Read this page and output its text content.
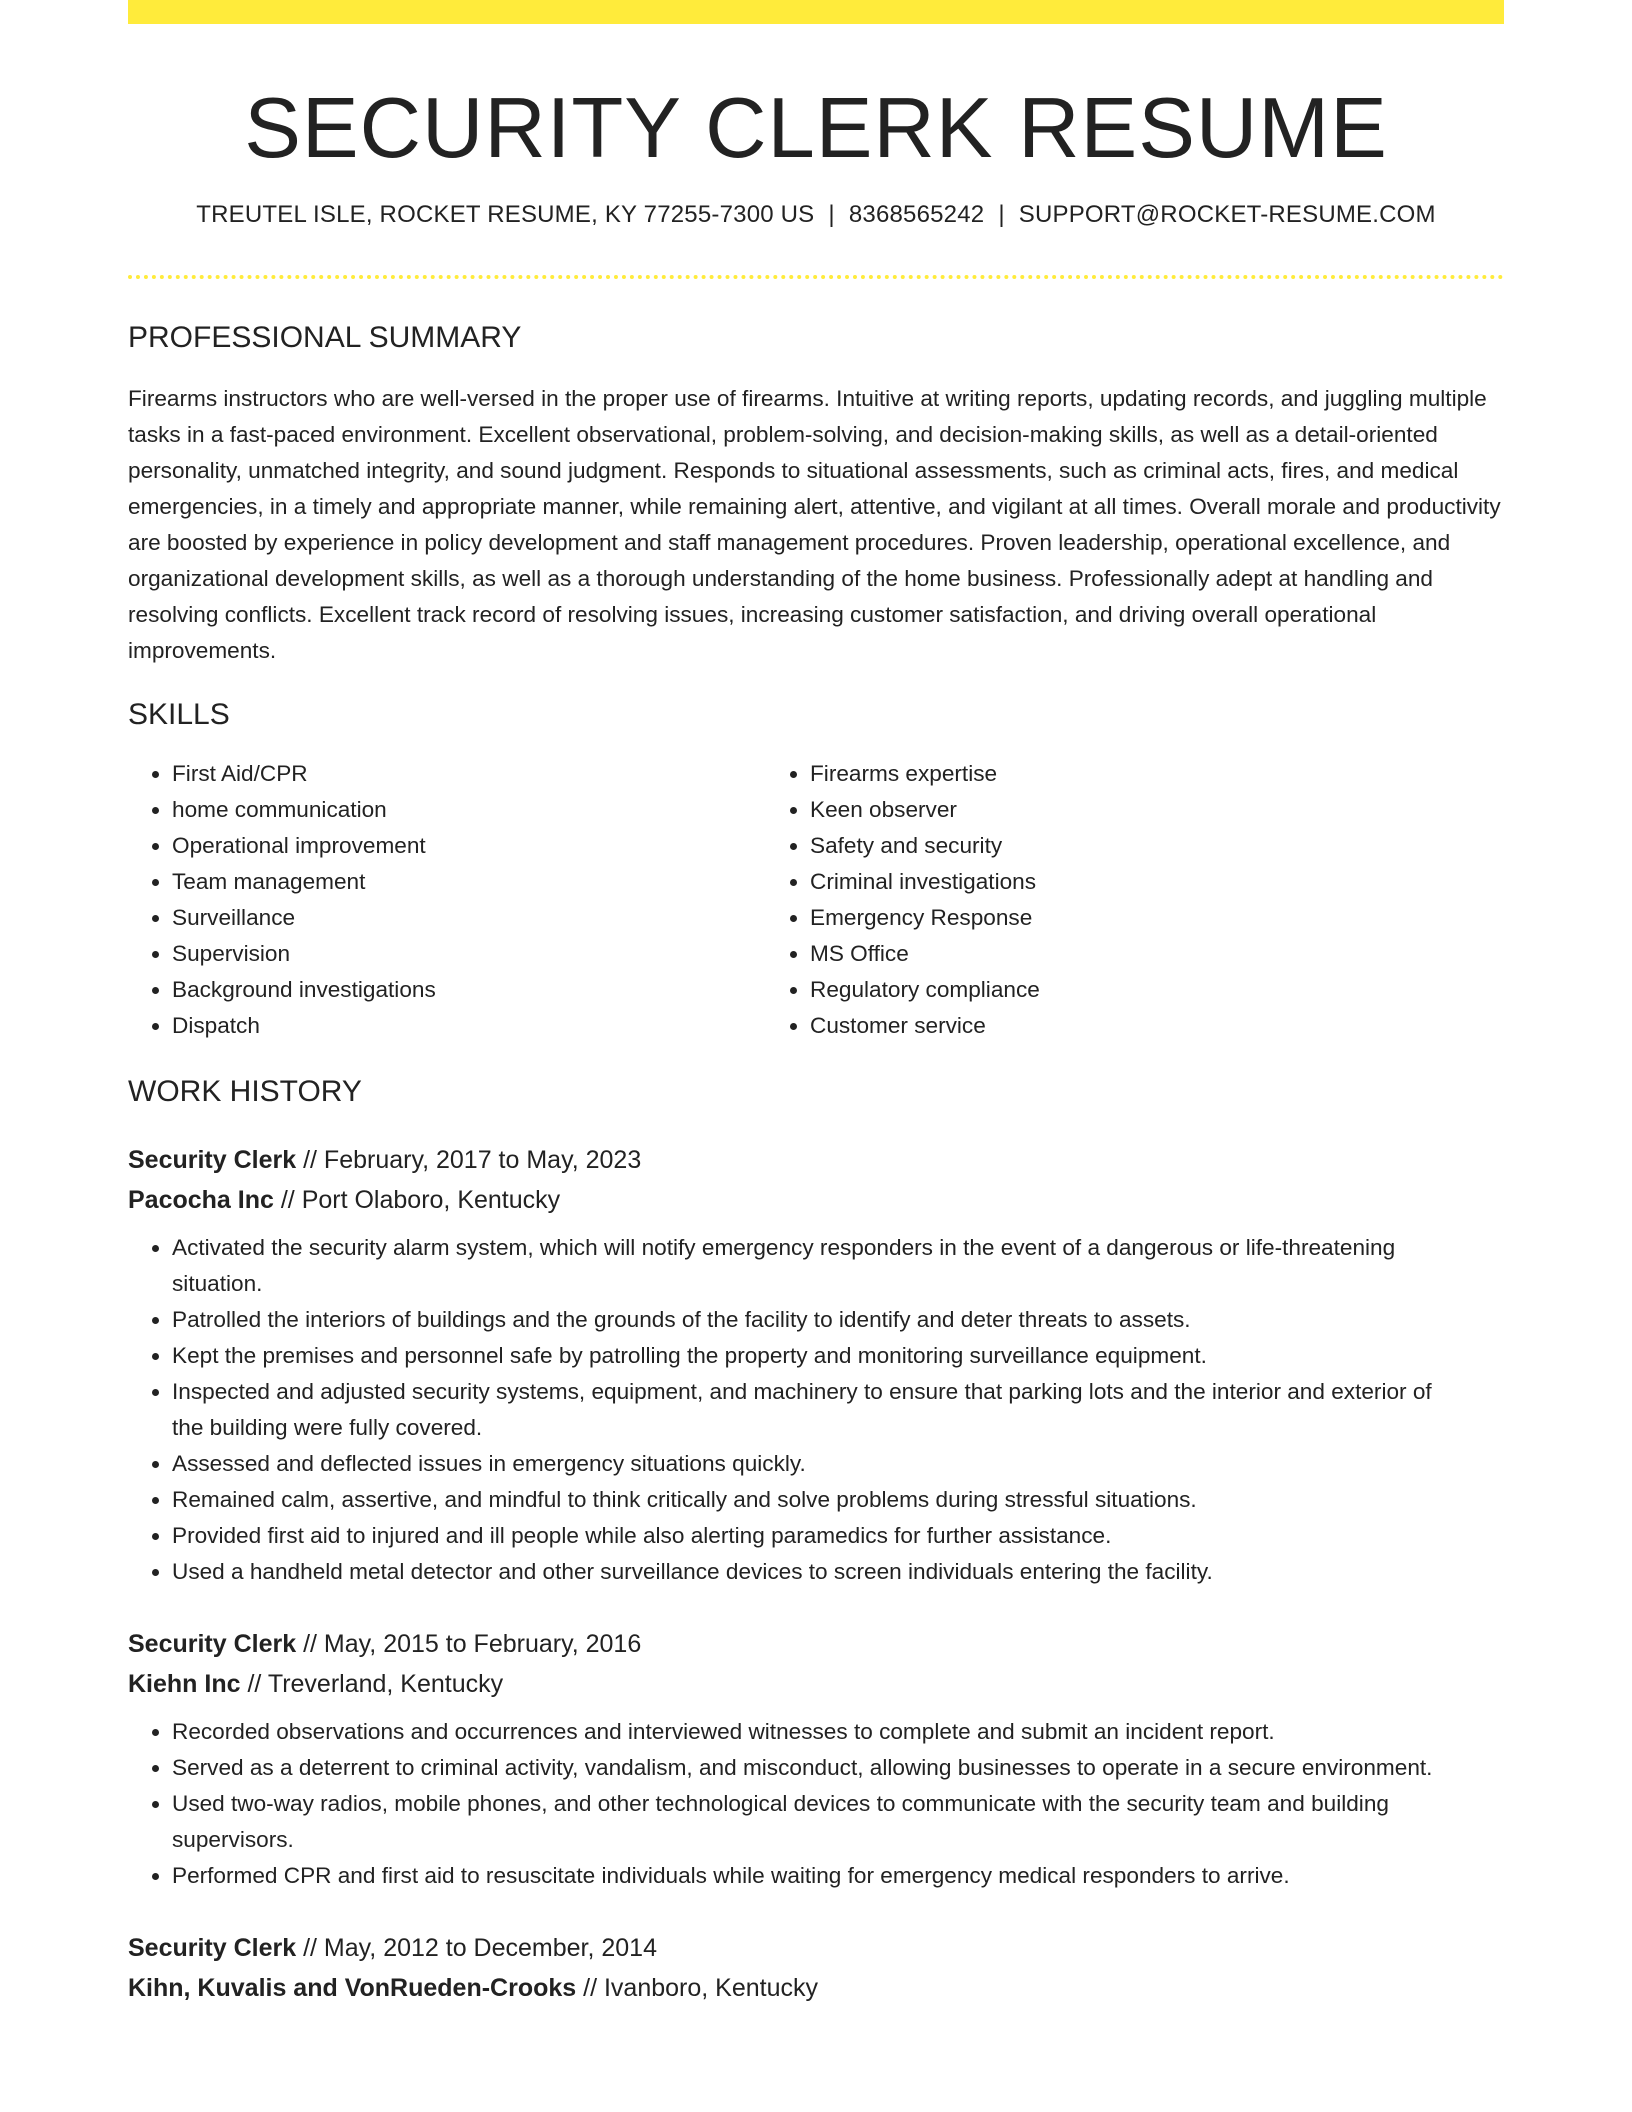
SECURITY CLERK RESUME
TREUTEL ISLE, ROCKET RESUME, KY 77255-7300 US | 8368565242 | SUPPORT@ROCKET-RESUME.COM
PROFESSIONAL SUMMARY

Firearms instructors who are well-versed in the proper use of firearms. Intuitive at writing reports, updating records, and juggling multiple tasks in a fast-paced environment. Excellent observational, problem-solving, and decision-making skills, as well as a detail-oriented personality, unmatched integrity, and sound judgment. Responds to situational assessments, such as criminal acts, fires, and medical emergencies, in a timely and appropriate manner, while remaining alert, attentive, and vigilant at all times. Overall morale and productivity are boosted by experience in policy development and staff management procedures. Proven leadership, operational excellence, and organizational development skills, as well as a thorough understanding of the home business. Professionally adept at handling and resolving conflicts. Excellent track record of resolving issues, increasing customer satisfaction, and driving overall operational improvements.

SKILLS
• First Aid/CPR
• home communication
• Operational improvement
• Team management
• Surveillance
• Supervision
• Background investigations
• Dispatch
• Firearms expertise
• Keen observer
• Safety and security
• Criminal investigations
• Emergency Response
• MS Office
• Regulatory compliance
• Customer service
WORK HISTORY
Security Clerk // February, 2017 to May, 2023
Pacocha Inc // Port Olaboro, Kentucky
• Activated the security alarm system, which will notify emergency responders in the event of a dangerous or life-threatening situation.
• Patrolled the interiors of buildings and the grounds of the facility to identify and deter threats to assets.
• Kept the premises and personnel safe by patrolling the property and monitoring surveillance equipment.
• Inspected and adjusted security systems, equipment, and machinery to ensure that parking lots and the interior and exterior of the building were fully covered.
• Assessed and deflected issues in emergency situations quickly.
• Remained calm, assertive, and mindful to think critically and solve problems during stressful situations.
• Provided first aid to injured and ill people while also alerting paramedics for further assistance.
• Used a handheld metal detector and other surveillance devices to screen individuals entering the facility.
Security Clerk // May, 2015 to February, 2016
Kiehn Inc // Treverland, Kentucky
• Recorded observations and occurrences and interviewed witnesses to complete and submit an incident report.
• Served as a deterrent to criminal activity, vandalism, and misconduct, allowing businesses to operate in a secure environment.
• Used two-way radios, mobile phones, and other technological devices to communicate with the security team and building supervisors.
• Performed CPR and first aid to resuscitate individuals while waiting for emergency medical responders to arrive.
Security Clerk // May, 2012 to December, 2014
Kihn, Kuvalis and VonRueden-Crooks // Ivanboro, Kentucky
